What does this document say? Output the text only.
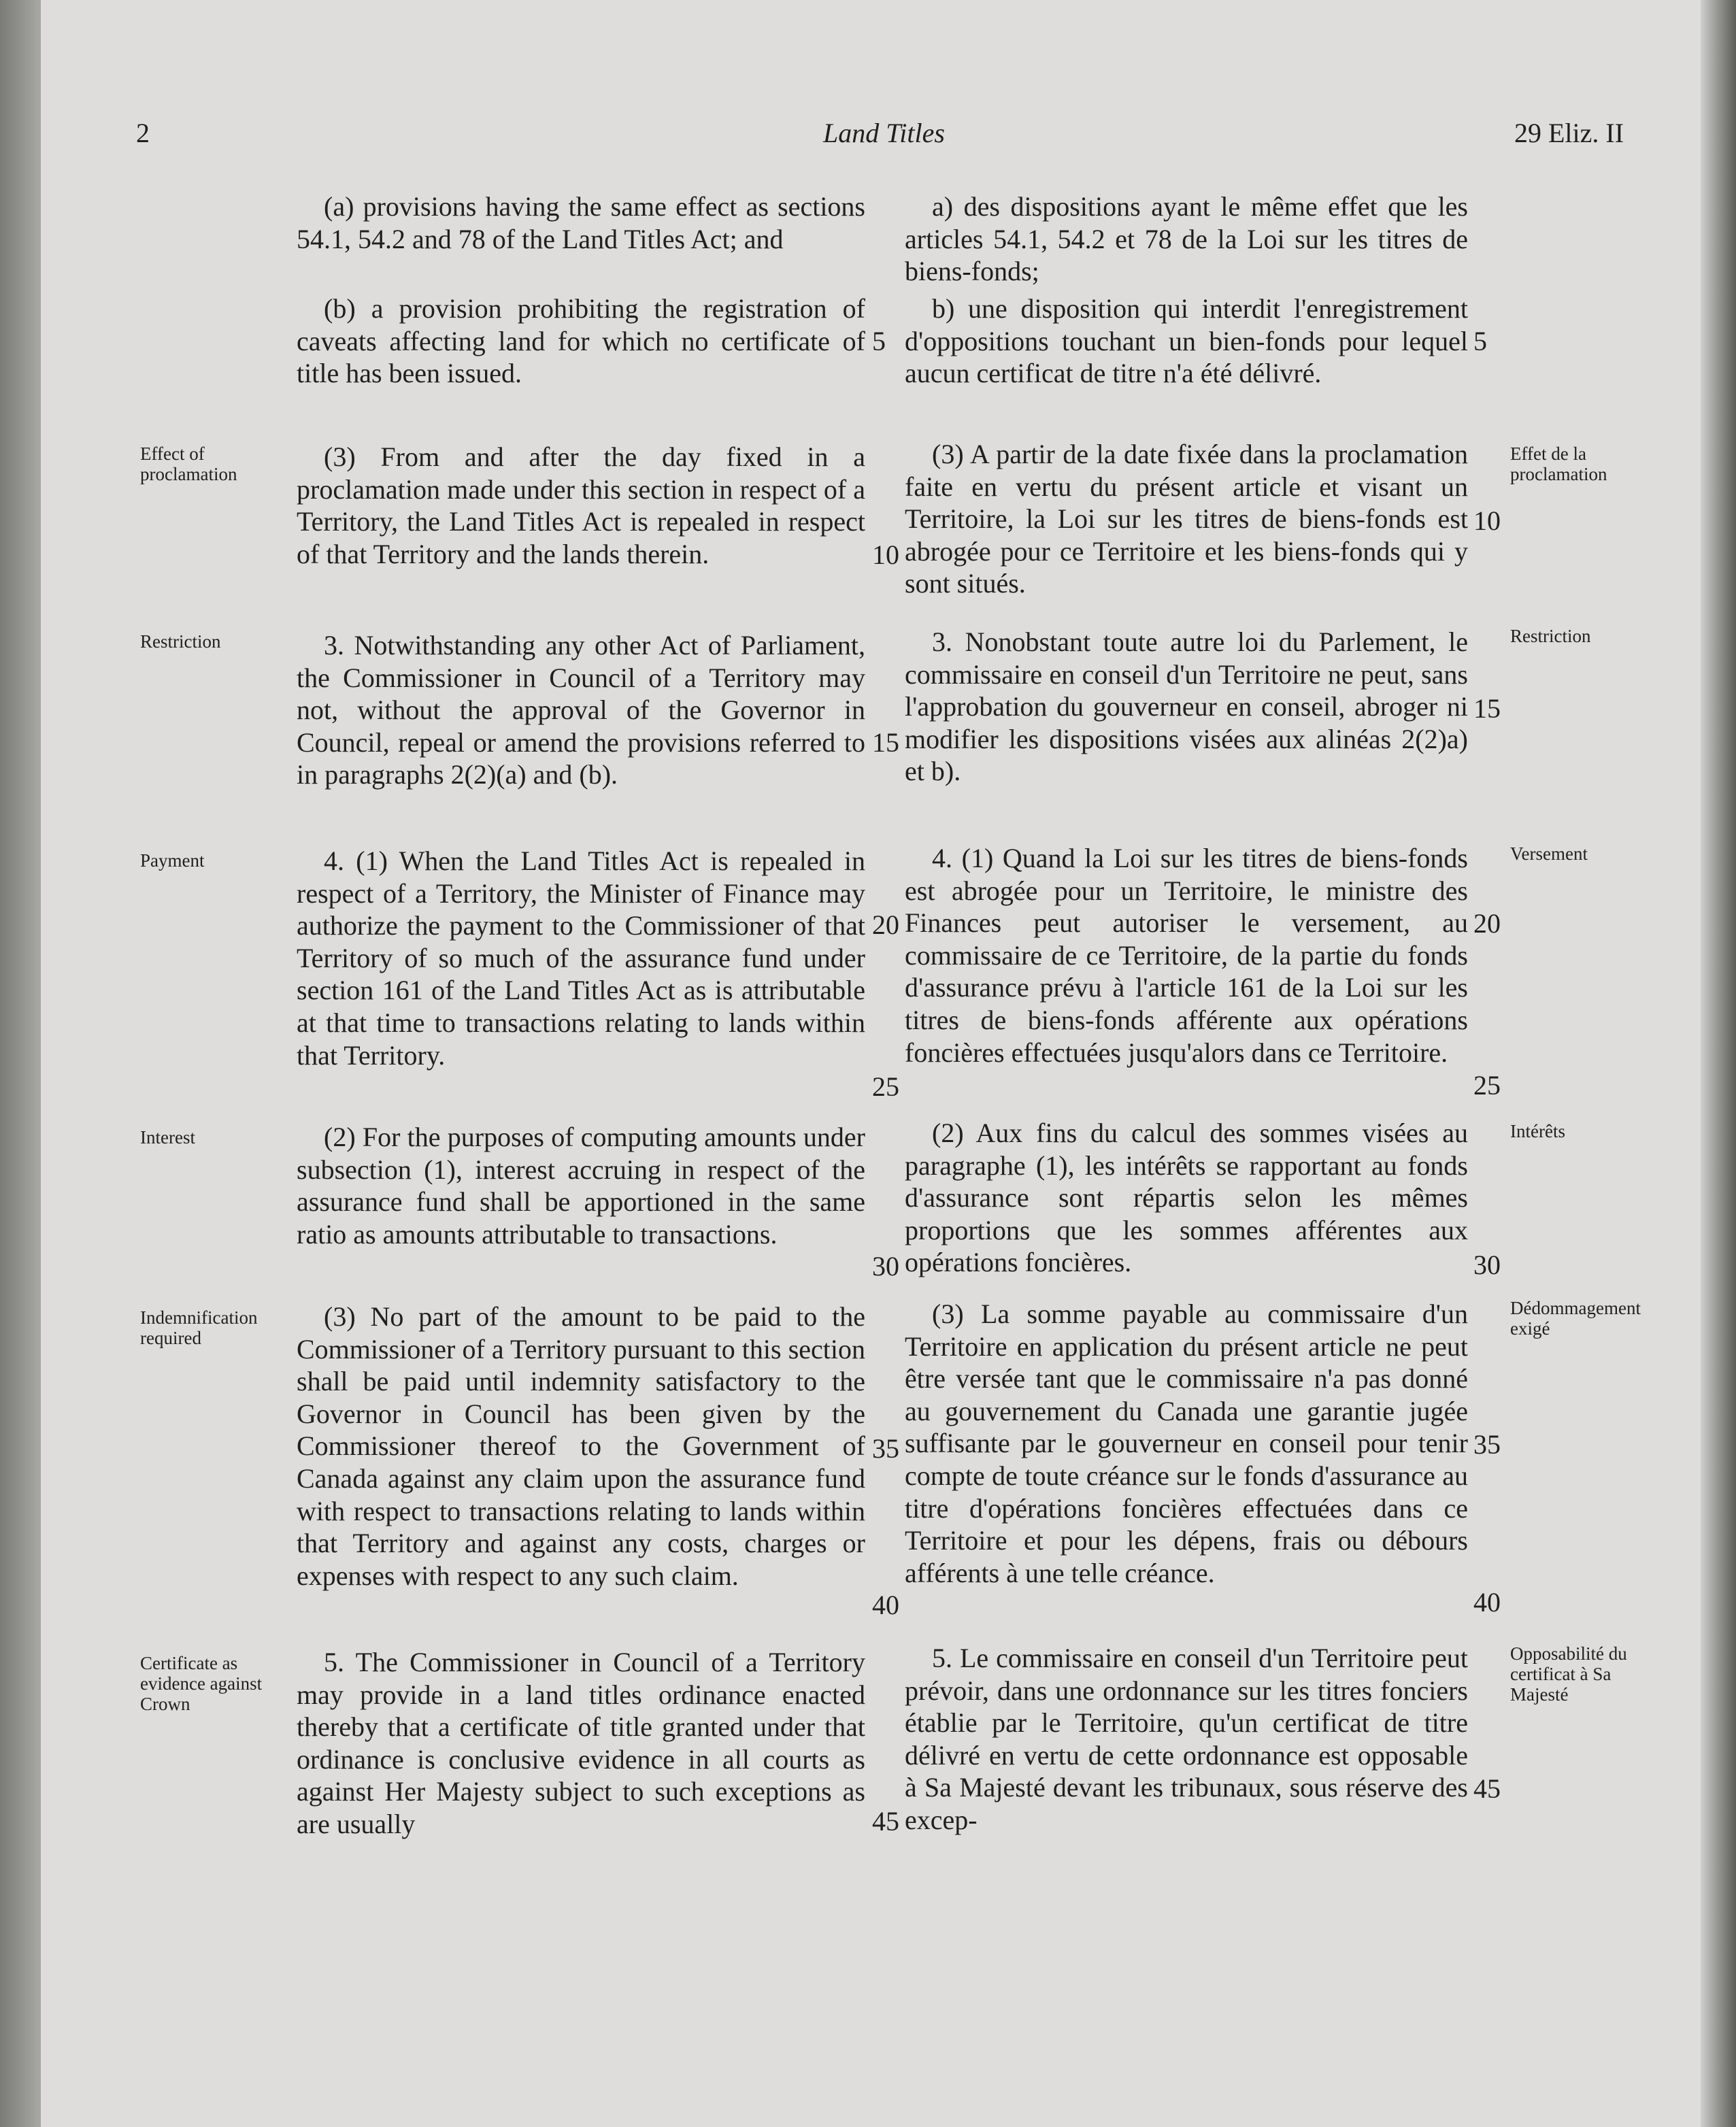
2	Land Titles	29 Eliz. II
Effect of proclamation
Restriction
Payment
Interest
Indemnification required
Certificate as evidence against Crown
Effet de la proclamation
Restriction
Versement
Intérêts
Dédommagement exigé
Opposabilité du certificat à Sa Majesté

(a) provisions having the same effect as sections 54.1, 54.2 and 78 of the Land Titles Act; and

(b) a provision prohibiting the registration of caveats affecting land for which no certificate of title has been issued.

(3) From and after the day fixed in a proclamation made under this section in respect of a Territory, the Land Titles Act is repealed in respect of that Territory and the lands therein.

3. Notwithstanding any other Act of Parliament, the Commissioner in Council of a Territory may not, without the approval of the Governor in Council, repeal or amend the provisions referred to in paragraphs 2(2)(a) and (b).

4. (1) When the Land Titles Act is repealed in respect of a Territory, the Minister of Finance may authorize the payment to the Commissioner of that Territory of so much of the assurance fund under section 161 of the Land Titles Act as is attributable at that time to transactions relating to lands within that Territory.

(2) For the purposes of computing amounts under subsection (1), interest accruing in respect of the assurance fund shall be apportioned in the same ratio as amounts attributable to transactions.

(3) No part of the amount to be paid to the Commissioner of a Territory pursuant to this section shall be paid until indemnity satisfactory to the Governor in Council has been given by the Commissioner thereof to the Government of Canada against any claim upon the assurance fund with respect to transactions relating to lands within that Territory and against any costs, charges or expenses with respect to any such claim.

5. The Commissioner in Council of a Territory may provide in a land titles ordinance enacted thereby that a certificate of title granted under that ordinance is conclusive evidence in all courts as against Her Majesty subject to such exceptions as are usually

a) des dispositions ayant le même effet que les articles 54.1, 54.2 et 78 de la Loi sur les titres de biens-fonds;

b) une disposition qui interdit l'enregistrement d'oppositions touchant un bien-fonds pour lequel aucun certificat de titre n'a été délivré.

(3) A partir de la date fixée dans la proclamation faite en vertu du présent article et visant un Territoire, la Loi sur les titres de biens-fonds est abrogée pour ce Territoire et les biens-fonds qui y sont situés.

3. Nonobstant toute autre loi du Parlement, le commissaire en conseil d'un Territoire ne peut, sans l'approbation du gouverneur en conseil, abroger ni modifier les dispositions visées aux alinéas 2(2)a) et b).

4. (1) Quand la Loi sur les titres de biens-fonds est abrogée pour un Territoire, le ministre des Finances peut autoriser le versement, au commissaire de ce Territoire, de la partie du fonds d'assurance prévu à l'article 161 de la Loi sur les titres de biens-fonds afférente aux opérations foncières effectuées jusqu'alors dans ce Territoire.

(2) Aux fins du calcul des sommes visées au paragraphe (1), les intérêts se rapportant au fonds d'assurance sont répartis selon les mêmes proportions que les sommes afférentes aux opérations foncières.

(3) La somme payable au commissaire d'un Territoire en application du présent article ne peut être versée tant que le commissaire n'a pas donné au gouvernement du Canada une garantie jugée suffisante par le gouverneur en conseil pour tenir compte de toute créance sur le fonds d'assurance au titre d'opérations foncières effectuées dans ce Territoire et pour les dépens, frais ou débours afférents à une telle créance.

5. Le commissaire en conseil d'un Territoire peut prévoir, dans une ordonnance sur les titres fonciers établie par le Territoire, qu'un certificat de titre délivré en vertu de cette ordonnance est opposable à Sa Majesté devant les tribunaux, sous réserve des excep-

5
10
15
20
25
30
35
40
45
5
10
15
20
25
30
35
40
45
